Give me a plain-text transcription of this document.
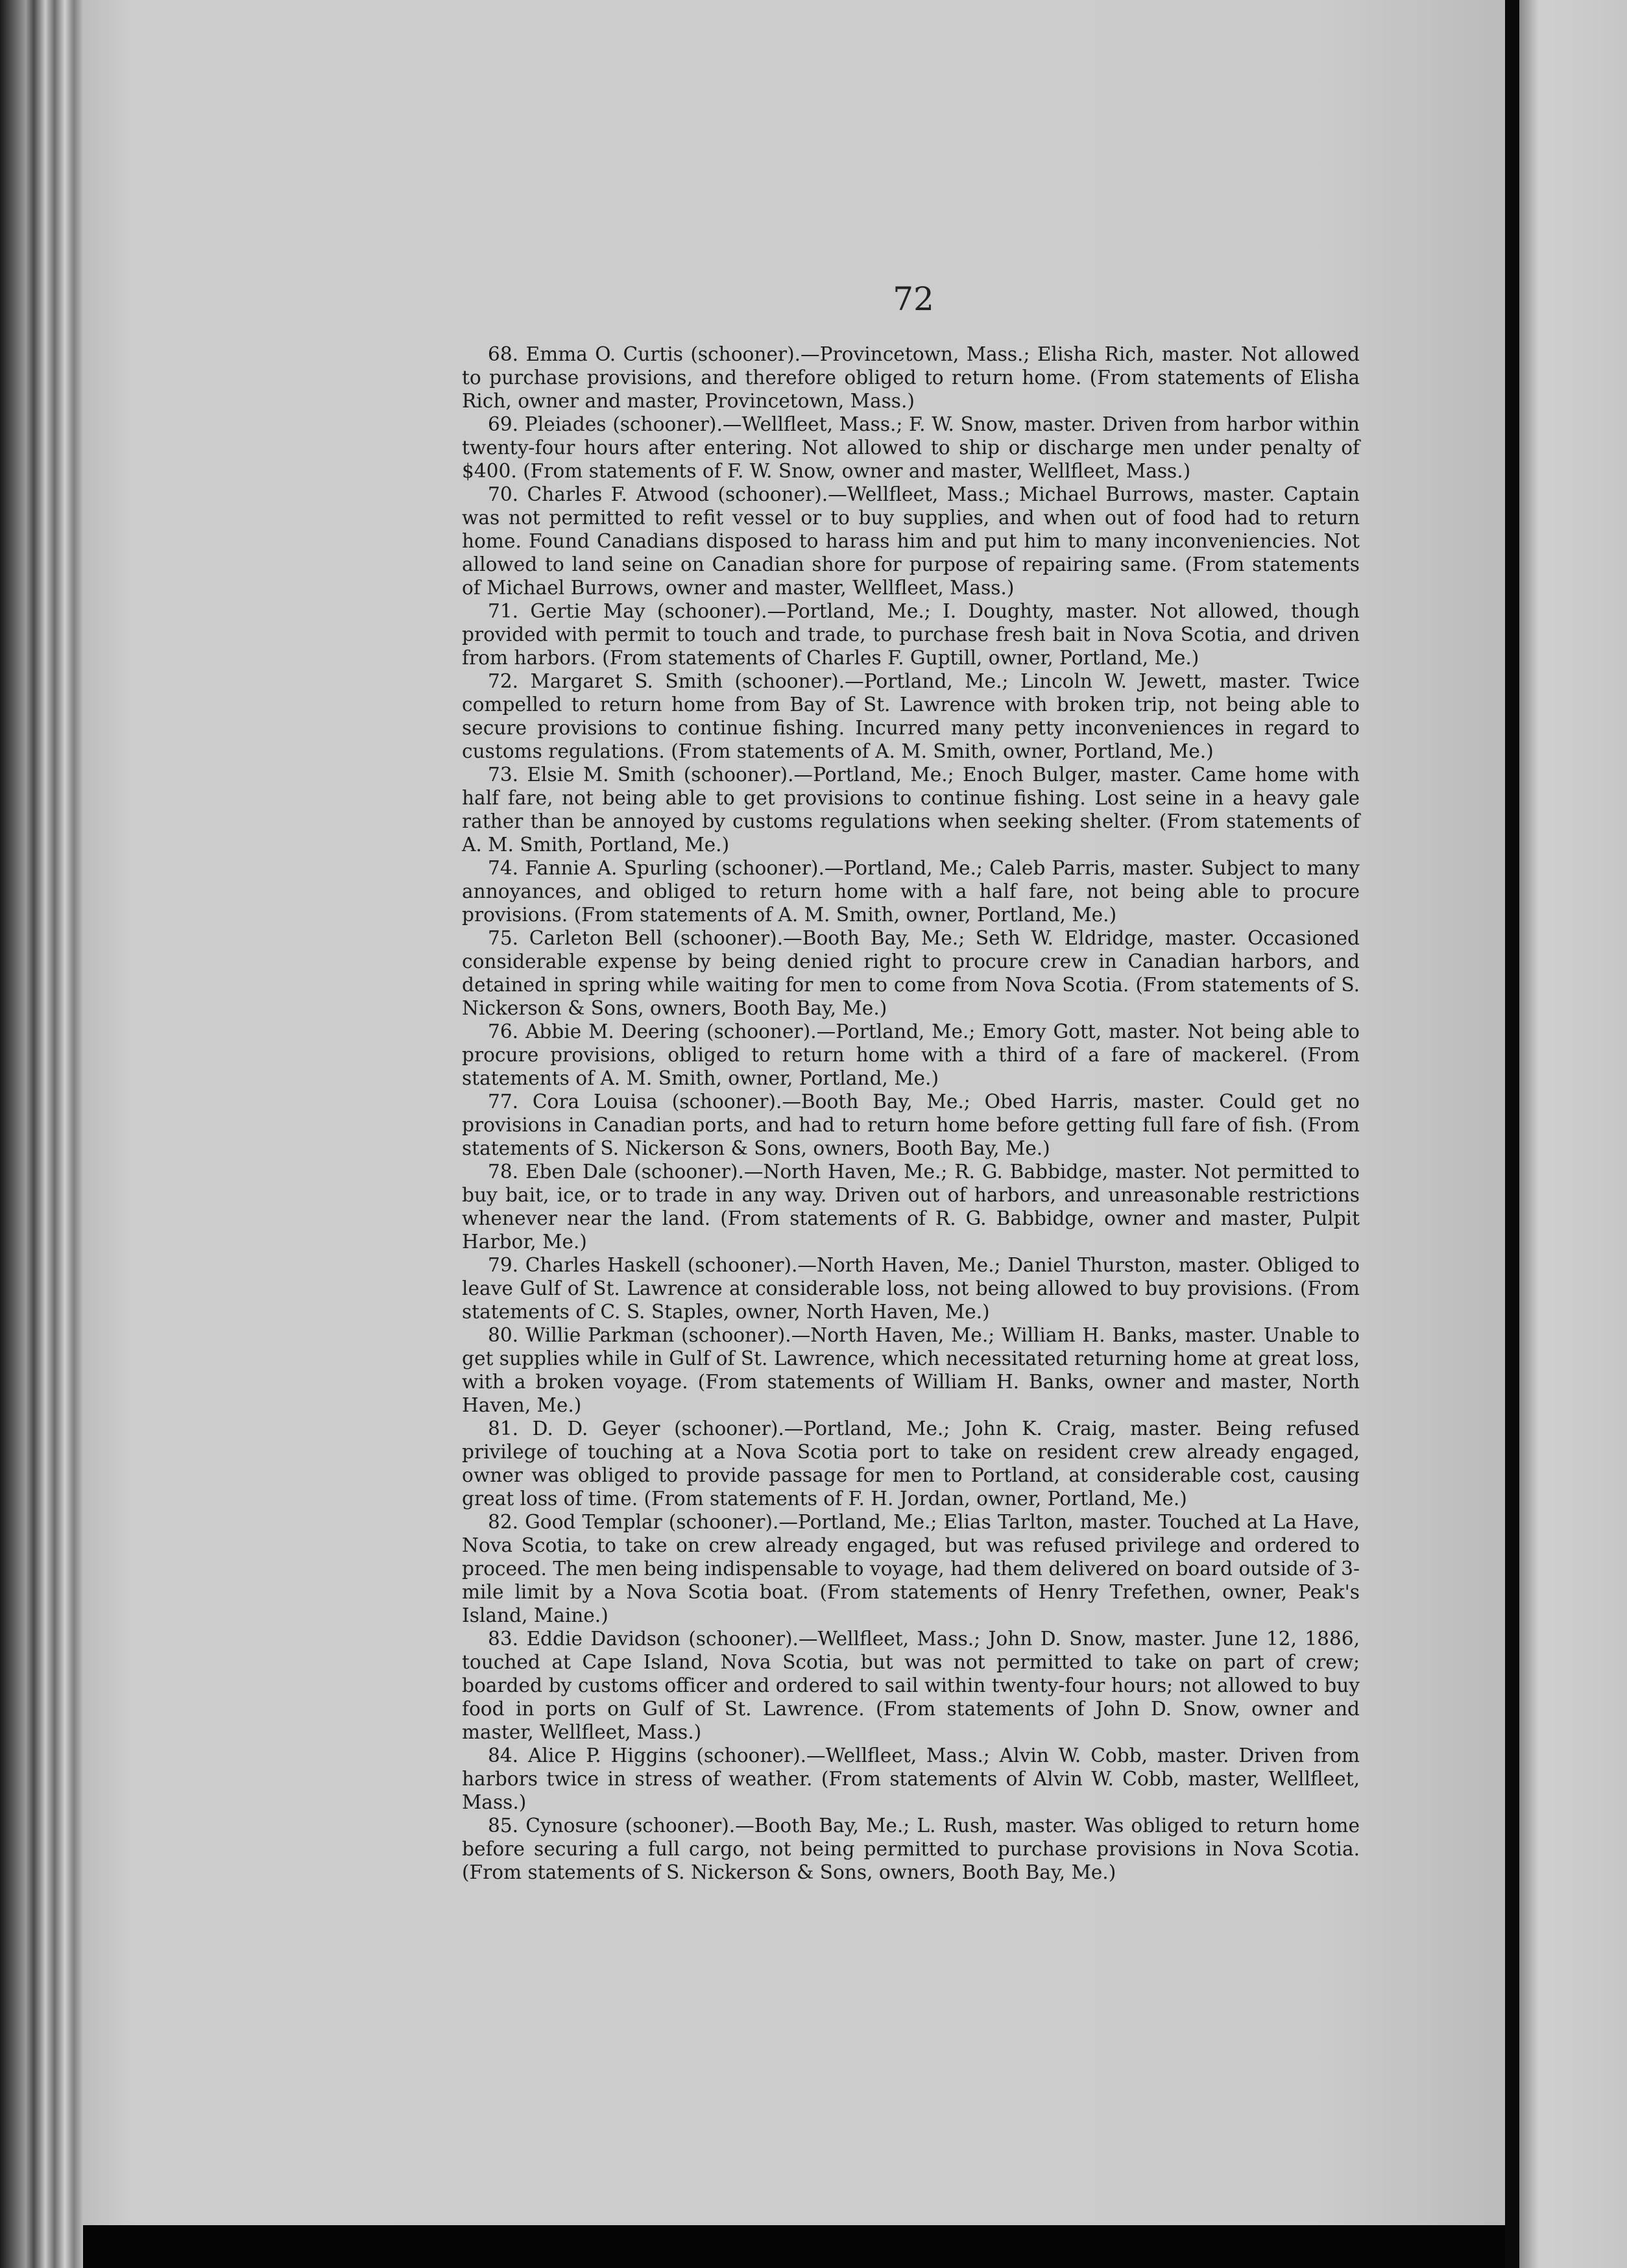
72

68. Emma O. Curtis (schooner).—Provincetown, Mass.; Elisha Rich, master. Not allowed to purchase provisions, and therefore obliged to return home. (From statements of Elisha Rich, owner and master, Provincetown, Mass.)

69. Pleiades (schooner).—Wellfleet, Mass.; F. W. Snow, master. Driven from harbor within twenty-four hours after entering. Not allowed to ship or discharge men under penalty of $400. (From statements of F. W. Snow, owner and master, Wellfleet, Mass.)

70. Charles F. Atwood (schooner).—Wellfleet, Mass.; Michael Burrows, master. Captain was not permitted to refit vessel or to buy supplies, and when out of food had to return home. Found Canadians disposed to harass him and put him to many inconveniencies. Not allowed to land seine on Canadian shore for purpose of repairing same. (From statements of Michael Burrows, owner and master, Wellfleet, Mass.)

71. Gertie May (schooner).—Portland, Me.; I. Doughty, master. Not allowed, though provided with permit to touch and trade, to purchase fresh bait in Nova Scotia, and driven from harbors. (From statements of Charles F. Guptill, owner, Portland, Me.)

72. Margaret S. Smith (schooner).—Portland, Me.; Lincoln W. Jewett, master. Twice compelled to return home from Bay of St. Lawrence with broken trip, not being able to secure provisions to continue fishing. Incurred many petty inconveniences in regard to customs regulations. (From statements of A. M. Smith, owner, Portland, Me.)

73. Elsie M. Smith (schooner).—Portland, Me.; Enoch Bulger, master. Came home with half fare, not being able to get provisions to continue fishing. Lost seine in a heavy gale rather than be annoyed by customs regulations when seeking shelter. (From statements of A. M. Smith, Portland, Me.)

74. Fannie A. Spurling (schooner).—Portland, Me.; Caleb Parris, master. Subject to many annoyances, and obliged to return home with a half fare, not being able to procure provisions. (From statements of A. M. Smith, owner, Portland, Me.)

75. Carleton Bell (schooner).—Booth Bay, Me.; Seth W. Eldridge, master. Occasioned considerable expense by being denied right to procure crew in Canadian harbors, and detained in spring while waiting for men to come from Nova Scotia. (From statements of S. Nickerson & Sons, owners, Booth Bay, Me.)

76. Abbie M. Deering (schooner).—Portland, Me.; Emory Gott, master. Not being able to procure provisions, obliged to return home with a third of a fare of mackerel. (From statements of A. M. Smith, owner, Portland, Me.)

77. Cora Louisa (schooner).—Booth Bay, Me.; Obed Harris, master. Could get no provisions in Canadian ports, and had to return home before getting full fare of fish. (From statements of S. Nickerson & Sons, owners, Booth Bay, Me.)

78. Eben Dale (schooner).—North Haven, Me.; R. G. Babbidge, master. Not permitted to buy bait, ice, or to trade in any way. Driven out of harbors, and unreasonable restrictions whenever near the land. (From statements of R. G. Babbidge, owner and master, Pulpit Harbor, Me.)

79. Charles Haskell (schooner).—North Haven, Me.; Daniel Thurston, master. Obliged to leave Gulf of St. Lawrence at considerable loss, not being allowed to buy provisions. (From statements of C. S. Staples, owner, North Haven, Me.)

80. Willie Parkman (schooner).—North Haven, Me.; William H. Banks, master. Unable to get supplies while in Gulf of St. Lawrence, which necessitated returning home at great loss, with a broken voyage. (From statements of William H. Banks, owner and master, North Haven, Me.)

81. D. D. Geyer (schooner).—Portland, Me.; John K. Craig, master. Being refused privilege of touching at a Nova Scotia port to take on resident crew already engaged, owner was obliged to provide passage for men to Portland, at considerable cost, causing great loss of time. (From statements of F. H. Jordan, owner, Portland, Me.)

82. Good Templar (schooner).—Portland, Me.; Elias Tarlton, master. Touched at La Have, Nova Scotia, to take on crew already engaged, but was refused privilege and ordered to proceed. The men being indispensable to voyage, had them delivered on board outside of 3-mile limit by a Nova Scotia boat. (From statements of Henry Trefethen, owner, Peak's Island, Maine.)

83. Eddie Davidson (schooner).—Wellfleet, Mass.; John D. Snow, master. June 12, 1886, touched at Cape Island, Nova Scotia, but was not permitted to take on part of crew; boarded by customs officer and ordered to sail within twenty-four hours; not allowed to buy food in ports on Gulf of St. Lawrence. (From statements of John D. Snow, owner and master, Wellfleet, Mass.)

84. Alice P. Higgins (schooner).—Wellfleet, Mass.; Alvin W. Cobb, master. Driven from harbors twice in stress of weather. (From statements of Alvin W. Cobb, master, Wellfleet, Mass.)

85. Cynosure (schooner).—Booth Bay, Me.; L. Rush, master. Was obliged to return home before securing a full cargo, not being permitted to purchase provisions in Nova Scotia. (From statements of S. Nickerson & Sons, owners, Booth Bay, Me.)
